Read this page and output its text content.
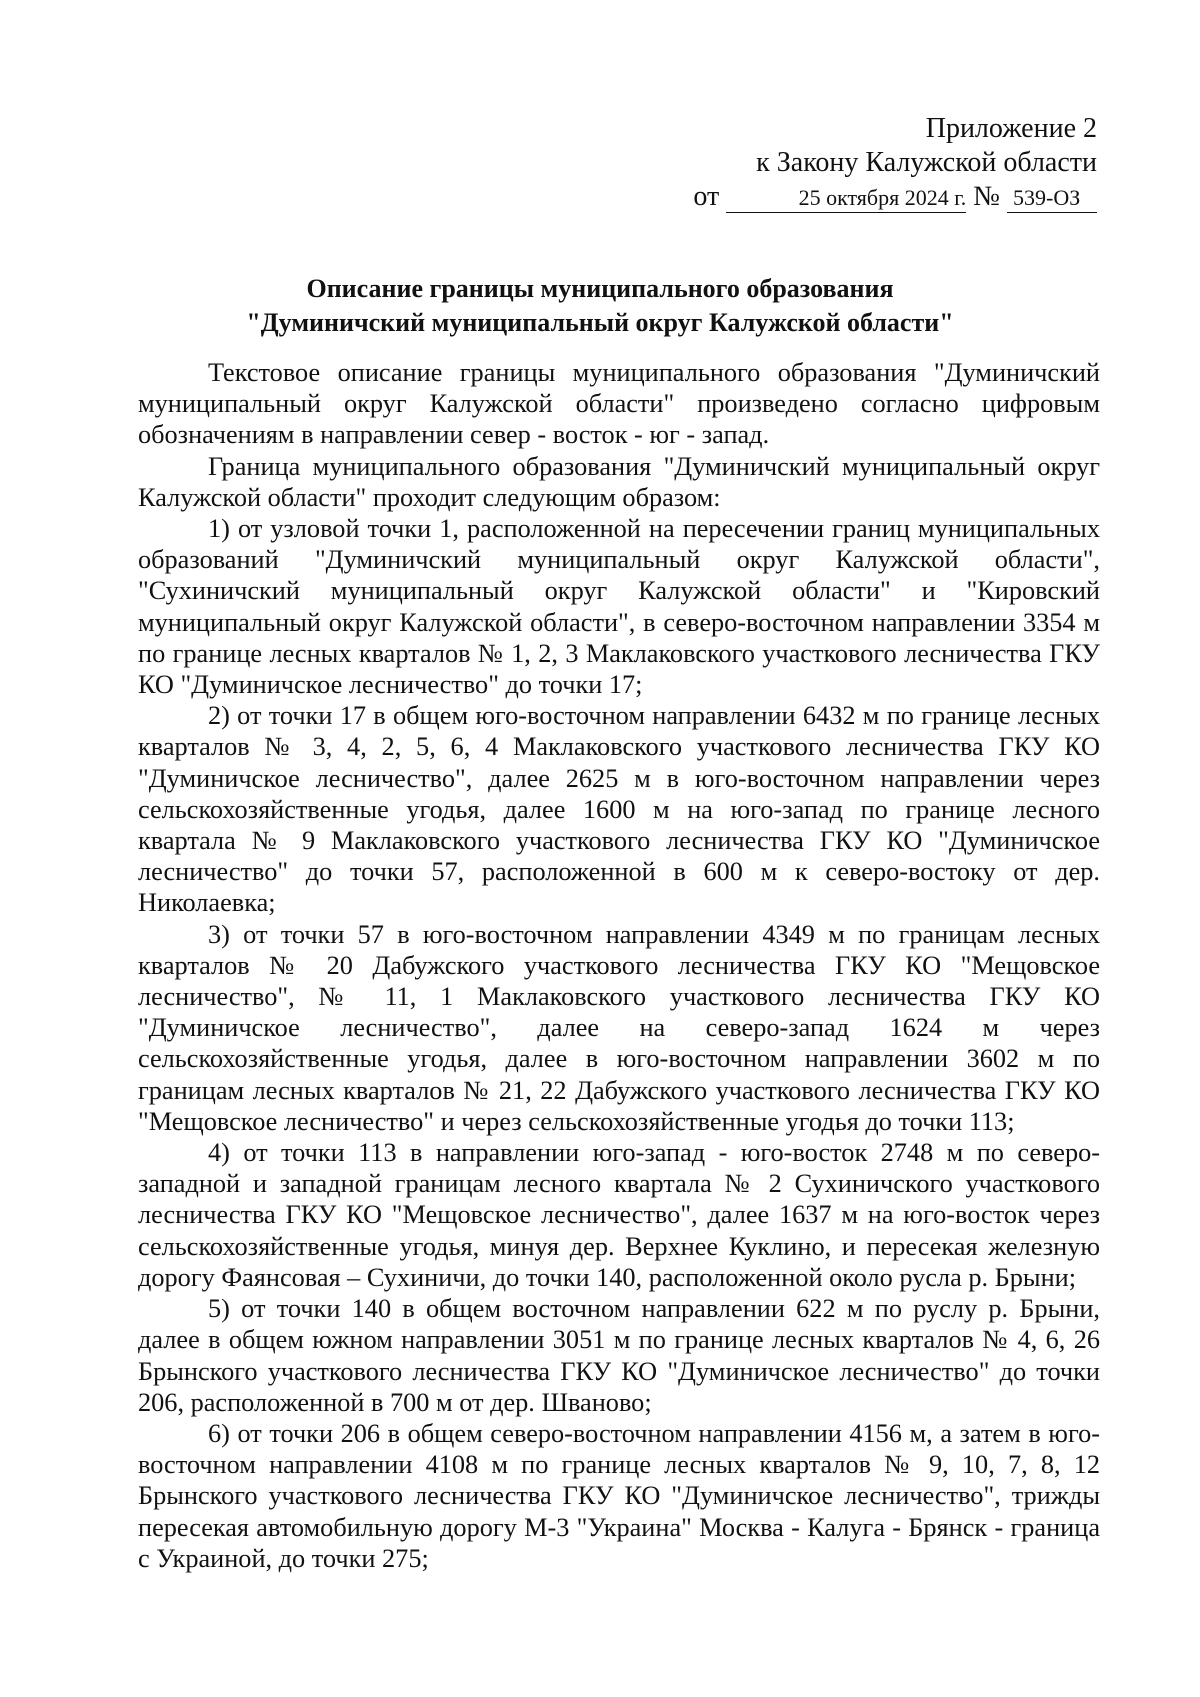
Приложение 2
к Закону Калужской области
от	25 октября 2024 г. № 539-ОЗ
Описание границы муниципального образования
"Думиничский муниципальный округ Калужской области"

Текстовое описание границы муниципального образования "Думиничский муниципальный округ Калужской области" произведено согласно цифровым обозначениям в направлении север - восток - юг - запад.

Граница муниципального образования "Думиничский муниципальный округ Калужской области" проходит следующим образом:

1) от узловой точки 1, расположенной на пересечении границ муниципальных образований "Думиничский муниципальный округ Калужской области", "Сухиничский муниципальный округ Калужской области" и "Кировский муниципальный округ Калужской области", в северо-восточном направлении 3354 м по границе лесных кварталов № 1, 2, 3 Маклаковского участкового лесничества ГКУ КО "Думиничское лесничество" до точки 17;

2) от точки 17 в общем юго-восточном направлении 6432 м по границе лесных кварталов № 3, 4, 2, 5, 6, 4 Маклаковского участкового лесничества ГКУ КО "Думиничское лесничество", далее 2625 м в юго-восточном направлении через сельскохозяйственные угодья, далее 1600 м на юго-запад по границе лесного квартала № 9 Маклаковского участкового лесничества ГКУ КО "Думиничское лесничество" до точки 57, расположенной в 600 м к северо-востоку от дер. Николаевка;

3) от точки 57 в юго-восточном направлении 4349 м по границам лесных кварталов № 20 Дабужского участкового лесничества ГКУ КО "Мещовское лесничество", № 11, 1 Маклаковского участкового лесничества ГКУ КО "Думиничское лесничество", далее на северо-запад 1624 м через сельскохозяйственные угодья, далее в юго-восточном направлении 3602 м по границам лесных кварталов № 21, 22 Дабужского участкового лесничества ГКУ КО "Мещовское лесничество" и через сельскохозяйственные угодья до точки 113;

4) от точки 113 в направлении юго-запад - юго-восток 2748 м по северо-западной и западной границам лесного квартала № 2 Сухиничского участкового лесничества ГКУ КО "Мещовское лесничество", далее 1637 м на юго-восток через сельскохозяйственные угодья, минуя дер. Верхнее Куклино, и пересекая железную дорогу Фаянсовая – Сухиничи, до точки 140, расположенной около русла р. Брыни;

5) от точки 140 в общем восточном направлении 622 м по руслу р. Брыни, далее в общем южном направлении 3051 м по границе лесных кварталов № 4, 6, 26 Брынского участкового лесничества ГКУ КО "Думиничское лесничество" до точки 206, расположенной в 700 м от дер. Шваново;

6) от точки 206 в общем северо-восточном направлении 4156 м, а затем в юго-восточном направлении 4108 м по границе лесных кварталов № 9, 10, 7, 8, 12 Брынского участкового лесничества ГКУ КО "Думиничское лесничество", трижды пересекая автомобильную дорогу М-3 "Украина" Москва - Калуга - Брянск - граница с Украиной, до точки 275;
